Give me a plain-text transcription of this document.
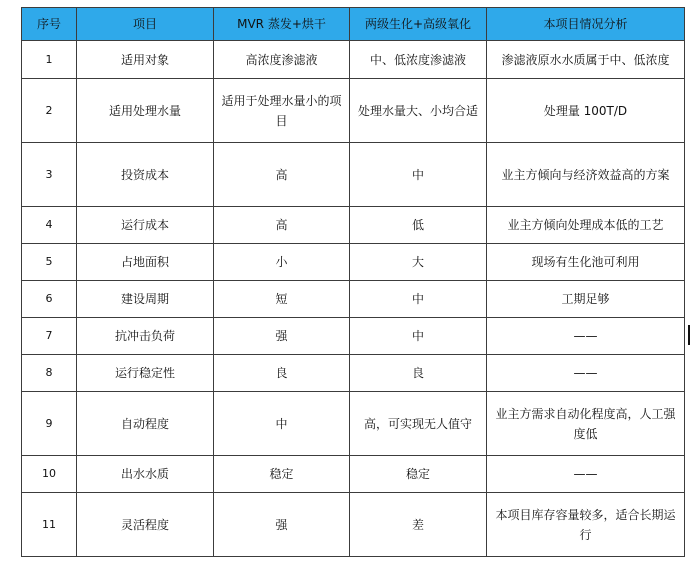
序号	项目	MVR 蒸发+烘干	两级生化+高级氧化	本项目情况分析
1	适用对象	高浓度渗滤液	中、低浓度渗滤液	渗滤液原水水质属于中、低浓度
2	适用处理水量	适用于处理水量小的项目	处理水量大、小均合适	处理量 100T/D
3	投资成本	高	中	业主方倾向与经济效益高的方案
4	运行成本	高	低	业主方倾向处理成本低的工艺
5	占地面积	小	大	现场有生化池可利用
6	建设周期	短	中	工期足够
7	抗冲击负荷	强	中	——
8	运行稳定性	良	良	——
9	自动程度	中	高，可实现无人值守	业主方需求自动化程度高，人工强度低
10	出水水质	稳定	稳定	——
11	灵活程度	强	差	本项目库存容量较多，适合长期运行
